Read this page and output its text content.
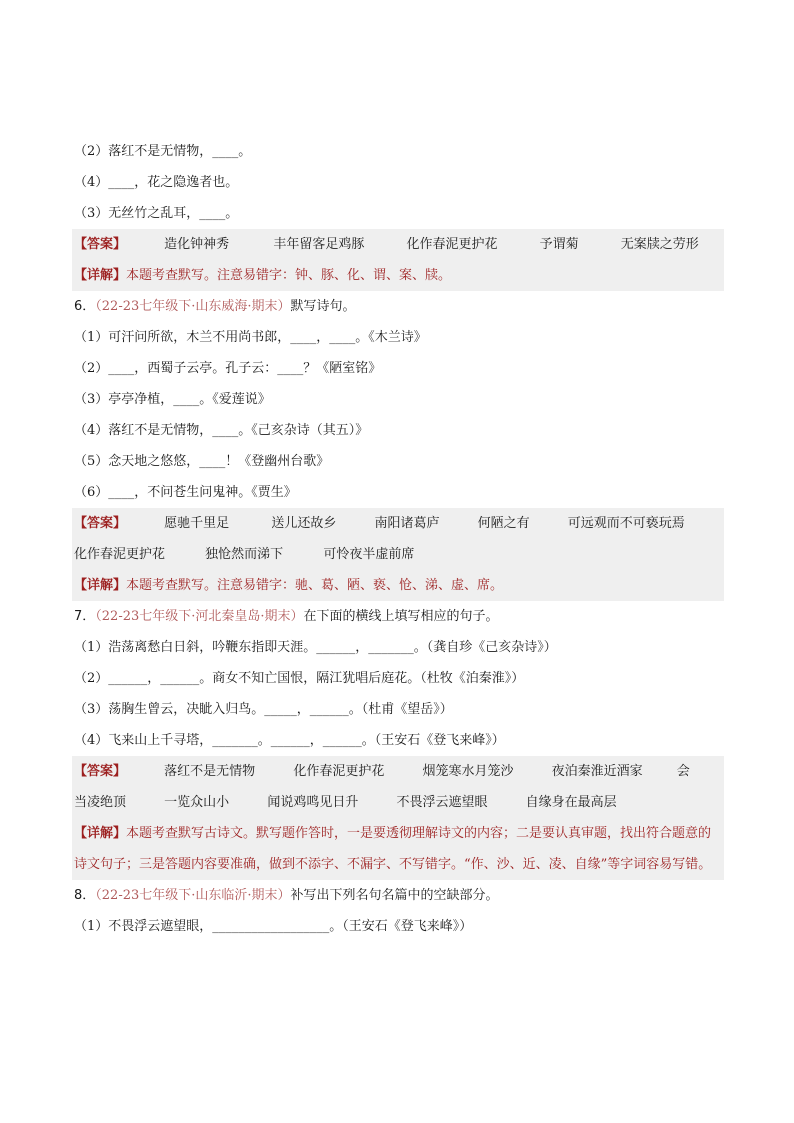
（2）落红不是无情物，____。
（4）____，花之隐逸者也。
（3）无丝竹之乱耳，____。
【答案】	造化钟神秀	丰年留客足鸡豚	化作春泥更护花	予谓菊	无案牍之劳形
【详解】本题考查默写。注意易错字：钟、豚、化、谓、案、牍。
6．（22-23七年级下·山东威海·期末）默写诗句。
（1）可汗问所欲，木兰不用尚书郎，____，____。《木兰诗》
（2）____，西蜀子云亭。孔子云：____？《陋室铭》
（3）亭亭净植，____。《爱莲说》
（4）落红不是无情物，____。《己亥杂诗（其五）》
（5）念天地之悠悠，____！《登幽州台歌》
（6）____，不问苍生问鬼神。《贾生》
【答案】	愿驰千里足	送儿还故乡	南阳诸葛庐	何陋之有	可远观而不可亵玩焉
化作春泥更护花	独怆然而涕下	可怜夜半虚前席
【详解】本题考查默写。注意易错字：驰、葛、陋、亵、怆、涕、虚、席。
7．（22-23七年级下·河北秦皇岛·期末）在下面的横线上填写相应的句子。
（1）浩荡离愁白日斜，吟鞭东指即天涯。______，_______。（龚自珍《己亥杂诗》）
（2）______，______。商女不知亡国恨，隔江犹唱后庭花。（杜牧《泊秦淮》）
（3）荡胸生曾云，决眦入归鸟。_____，______。（杜甫《望岳》）
（4）飞来山上千寻塔，_______。______，______。（王安石《登飞来峰》）
【答案】	落红不是无情物	化作春泥更护花	烟笼寒水月笼沙	夜泊秦淮近酒家	会
当凌绝顶	一览众山小	闻说鸡鸣见日升	不畏浮云遮望眼	自缘身在最高层
【详解】本题考查默写古诗文。默写题作答时，一是要透彻理解诗文的内容；二是要认真审题，找出符合题意的诗文句子；三是答题内容要准确，做到不添字、不漏字、不写错字。“作、沙、近、凌、自缘”等字词容易写错。
8．（22-23七年级下·山东临沂·期末）补写出下列名句名篇中的空缺部分。
（1）不畏浮云遮望眼，__________________。（王安石《登飞来峰》）
